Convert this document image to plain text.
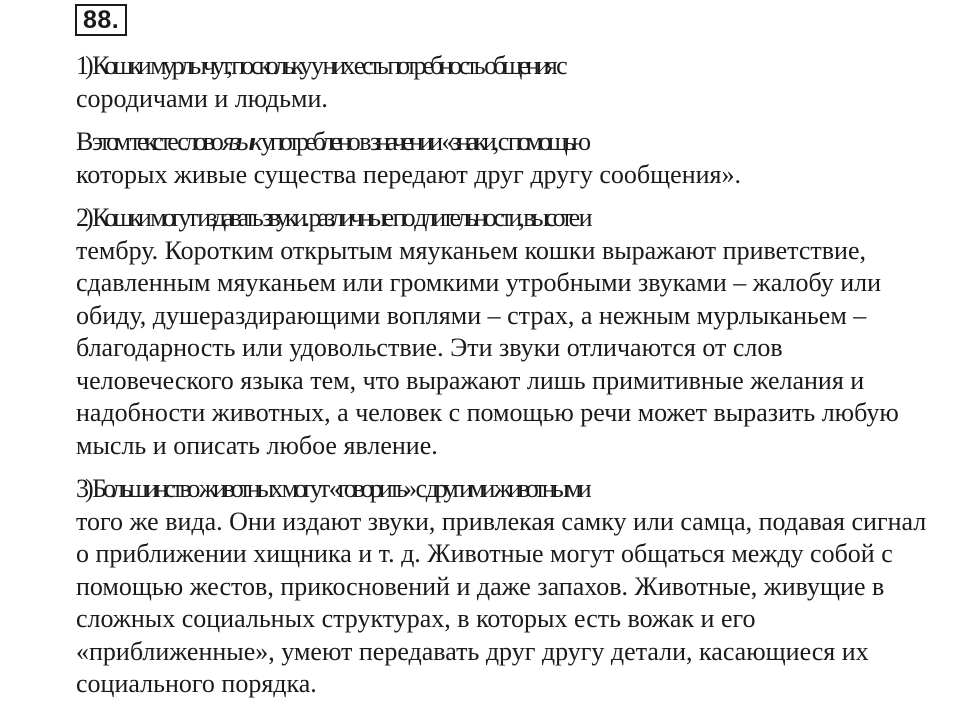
88.

1) Кошки мурлычут, поскольку у них есть потребность общения с
сородичами и людьми.

В этом тексте слово язык употреблено в значении «знаки, с помощью
которых живые существа передают друг другу сообщения».

2) Кошки могут издавать звуки. различные по длительности, высоте и
тембру. Коротким открытым мяуканьем кошки выражают приветствие,
сдавленным мяуканьем или громкими утробными звуками – жалобу или
обиду, душераздирающими воплями – страх, а нежным мурлыканьем –
благодарность или удовольствие. Эти звуки отличаются от слов
человеческого языка тем, что выражают лишь примитивные желания и
надобности животных, а человек с помощью речи может выразить любую
мысль и описать любое явление.

3) Большинство животных могут «говорить» с другими животными
того же вида. Они издают звуки, привлекая самку или самца, подавая сигнал
о приближении хищника и т. д. Животные могут общаться между собой с
помощью жестов, прикосновений и даже запахов. Животные, живущие в
сложных социальных структурах, в которых есть вожак и его
«приближенные», умеют передавать друг другу детали, касающиеся их
социального порядка.
